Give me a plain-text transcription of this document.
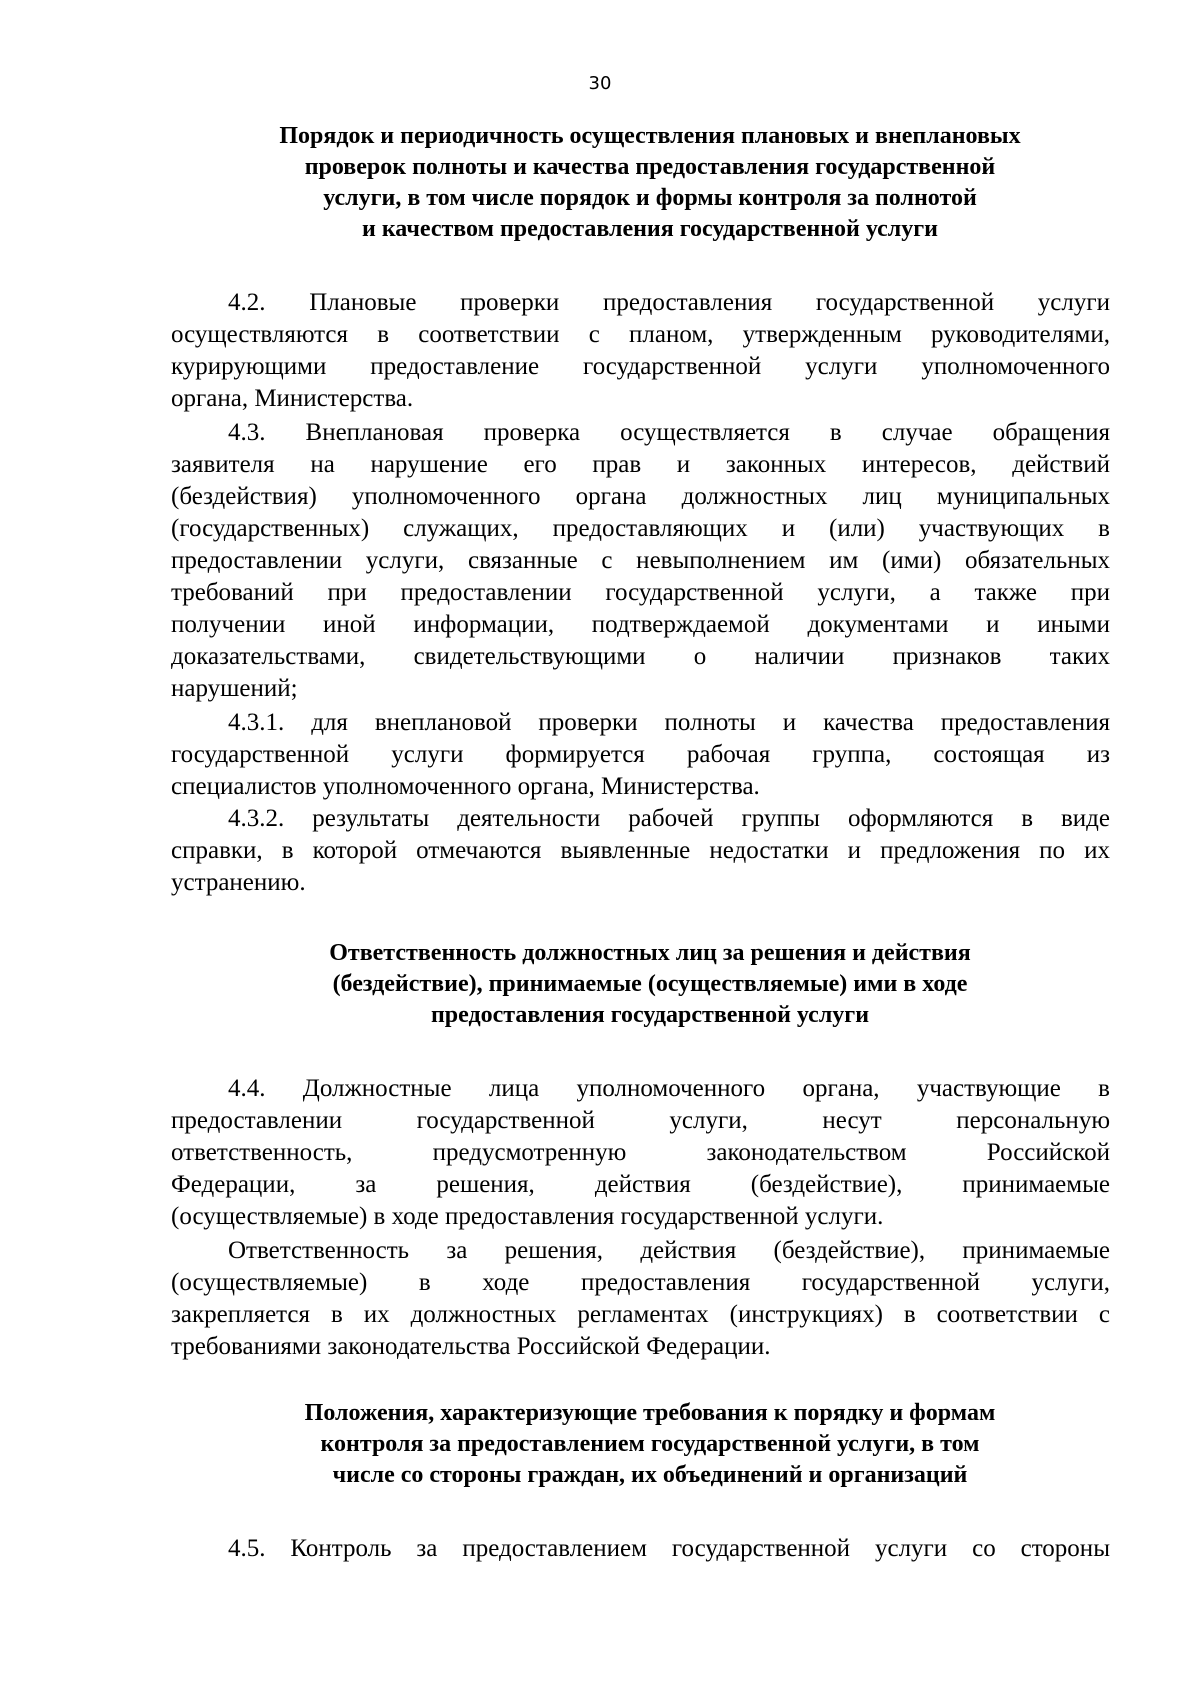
30
Порядок и периодичность осуществления плановых и внеплановых
проверок полноты и качества предоставления государственной
услуги, в том числе порядок и формы контроля за полнотой
и качеством предоставления государственной услуги
4.2. Плановые проверки предоставления государственной услуги
осуществляются в соответствии с планом, утвержденным руководителями,
курирующими предоставление государственной услуги уполномоченного
органа, Министерства.
4.3. Внеплановая проверка осуществляется в случае обращения
заявителя на нарушение его прав и законных интересов, действий
(бездействия) уполномоченного органа должностных лиц муниципальных
(государственных) служащих, предоставляющих и (или) участвующих в
предоставлении услуги, связанные с невыполнением им (ими) обязательных
требований при предоставлении государственной услуги, а также при
получении иной информации, подтверждаемой документами и иными
доказательствами, свидетельствующими о наличии признаков таких
нарушений;
4.3.1. для внеплановой проверки полноты и качества предоставления
государственной услуги формируется рабочая группа, состоящая из
специалистов уполномоченного органа, Министерства.
4.3.2. результаты деятельности рабочей группы оформляются в виде
справки, в которой отмечаются выявленные недостатки и предложения по их
устранению.
Ответственность должностных лиц за решения и действия
(бездействие), принимаемые (осуществляемые) ими в ходе
предоставления государственной услуги
4.4. Должностные лица уполномоченного органа, участвующие в
предоставлении государственной услуги, несут персональную
ответственность, предусмотренную законодательством Российской
Федерации, за решения, действия (бездействие), принимаемые
(осуществляемые) в ходе предоставления государственной услуги.
Ответственность за решения, действия (бездействие), принимаемые
(осуществляемые) в ходе предоставления государственной услуги,
закрепляется в их должностных регламентах (инструкциях) в соответствии с
требованиями законодательства Российской Федерации.
Положения, характеризующие требования к порядку и формам
контроля за предоставлением государственной услуги, в том
числе со стороны граждан, их объединений и организаций
4.5. Контроль за предоставлением государственной услуги со стороны
